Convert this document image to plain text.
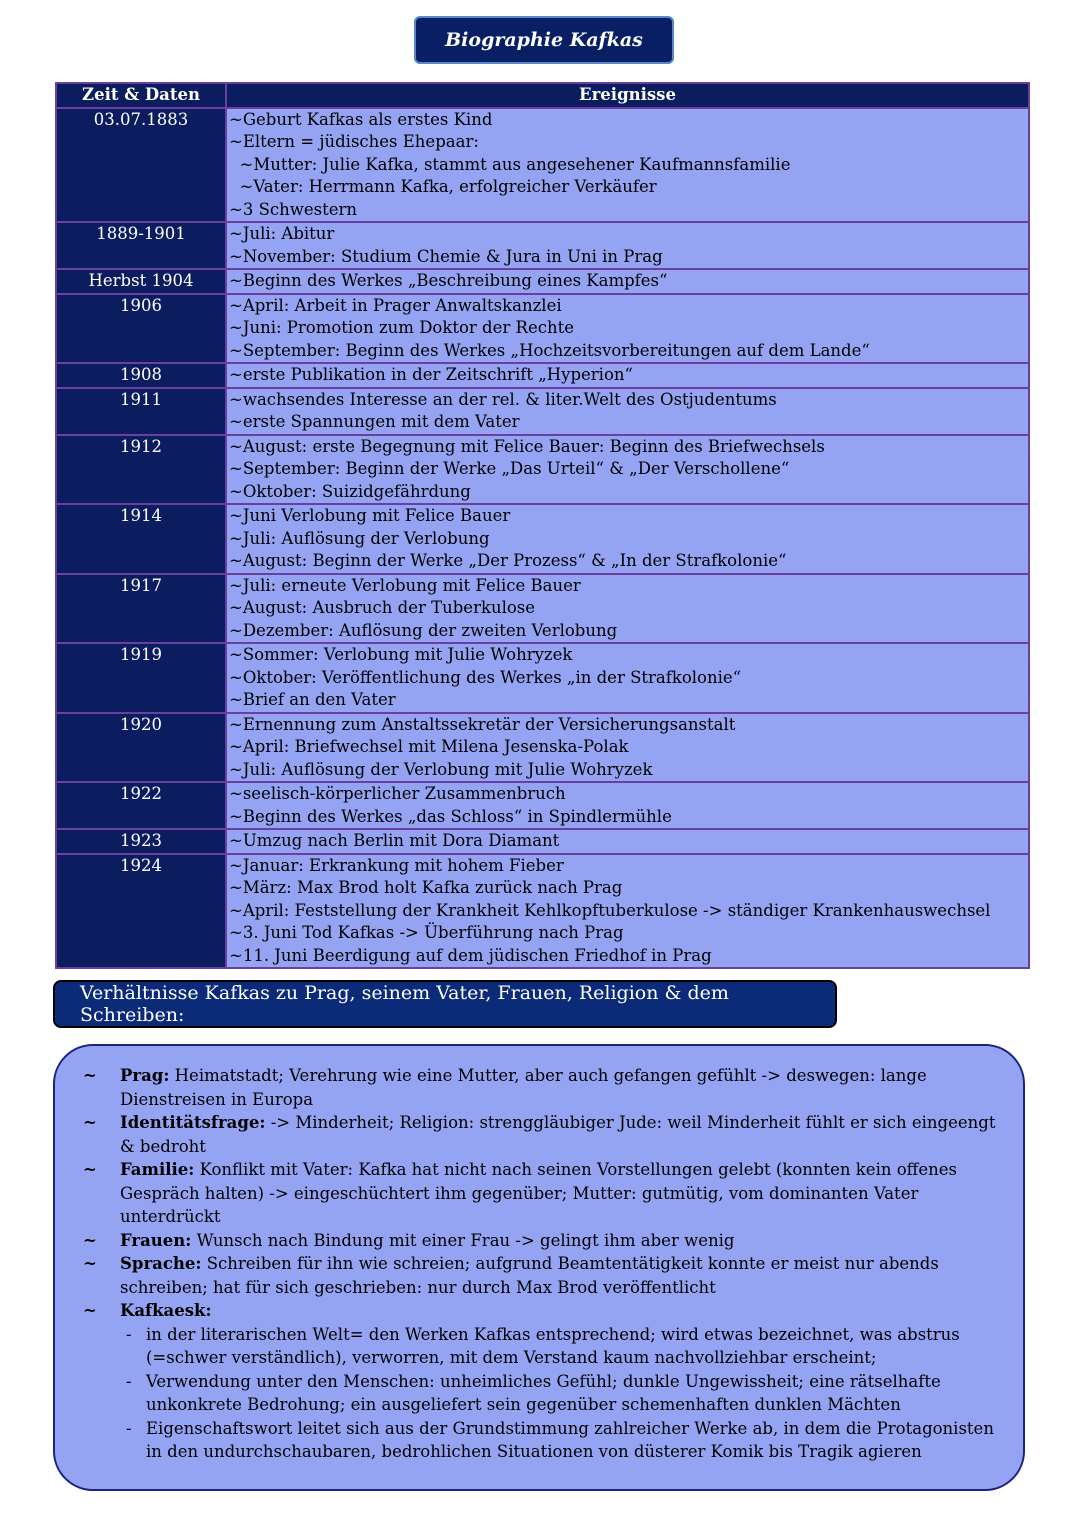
Biographie Kafkas
Zeit & Daten	Ereignisse
03.07.1883	~Geburt Kafkas als erstes Kind
~Eltern = jüdisches Ehepaar:
~Mutter: Julie Kafka, stammt aus angesehener Kaufmannsfamilie
~Vater: Herrmann Kafka, erfolgreicher Verkäufer
~3 Schwestern

1889-1901	~Juli: Abitur
~November: Studium Chemie & Jura in Uni in Prag

Herbst 1904	~Beginn des Werkes „Beschreibung eines Kampfes“

1906	~April: Arbeit in Prager Anwaltskanzlei
~Juni: Promotion zum Doktor der Rechte
~September: Beginn des Werkes „Hochzeitsvorbereitungen auf dem Lande“

1908	~erste Publikation in der Zeitschrift „Hyperion“

1911	~wachsendes Interesse an der rel. & liter.Welt des Ostjudentums
~erste Spannungen mit dem Vater

1912	~August: erste Begegnung mit Felice Bauer: Beginn des Briefwechsels
~September: Beginn der Werke „Das Urteil“ & „Der Verschollene“
~Oktober: Suizidgefährdung

1914	~Juni Verlobung mit Felice Bauer
~Juli: Auflösung der Verlobung
~August: Beginn der Werke „Der Prozess“ & „In der Strafkolonie“

1917	~Juli: erneute Verlobung mit Felice Bauer
~August: Ausbruch der Tuberkulose
~Dezember: Auflösung der zweiten Verlobung

1919	~Sommer: Verlobung mit Julie Wohryzek
~Oktober: Veröffentlichung des Werkes „in der Strafkolonie“
~Brief an den Vater

1920	~Ernennung zum Anstaltssekretär der Versicherungsanstalt
~April: Briefwechsel mit Milena Jesenska-Polak
~Juli: Auflösung der Verlobung mit Julie Wohryzek

1922	~seelisch-körperlicher Zusammenbruch
~Beginn des Werkes „das Schloss“ in Spindlermühle

1923	~Umzug nach Berlin mit Dora Diamant

1924	~Januar: Erkrankung mit hohem Fieber
~März: Max Brod holt Kafka zurück nach Prag
~April: Feststellung der Krankheit Kehlkopftuberkulose -> ständiger Krankenhauswechsel
~3. Juni Tod Kafkas -> Überführung nach Prag
~11. Juni Beerdigung auf dem jüdischen Friedhof in Prag
Verhältnisse Kafkas zu Prag, seinem Vater, Frauen, Religion & dem Schreiben:
~	Prag: Heimatstadt; Verehrung wie eine Mutter, aber auch gefangen gefühlt -> deswegen: lange Dienstreisen in Europa
~	Identitätsfrage: -> Minderheit; Religion: strenggläubiger Jude: weil Minderheit fühlt er sich eingeengt & bedroht
~	Familie: Konflikt mit Vater: Kafka hat nicht nach seinen Vorstellungen gelebt (konnten kein offenes Gespräch halten) -> eingeschüchtert ihm gegenüber; Mutter: gutmütig, vom dominanten Vater unterdrückt
~	Frauen: Wunsch nach Bindung mit einer Frau -> gelingt ihm aber wenig
~	Sprache: Schreiben für ihn wie schreien; aufgrund Beamtentätigkeit konnte er meist nur abends schreiben; hat für sich geschrieben: nur durch Max Brod veröffentlicht
~	Kafkaesk:
- in der literarischen Welt= den Werken Kafkas entsprechend; wird etwas bezeichnet, was abstrus (=schwer verständlich), verworren, mit dem Verstand kaum nachvollziehbar erscheint;
- Verwendung unter den Menschen: unheimliches Gefühl; dunkle Ungewissheit; eine rätselhafte unkonkrete Bedrohung; ein ausgeliefert sein gegenüber schemenhaften dunklen Mächten
- Eigenschaftswort leitet sich aus der Grundstimmung zahlreicher Werke ab, in dem die Protagonisten in den undurchschaubaren, bedrohlichen Situationen von düsterer Komik bis Tragik agieren
